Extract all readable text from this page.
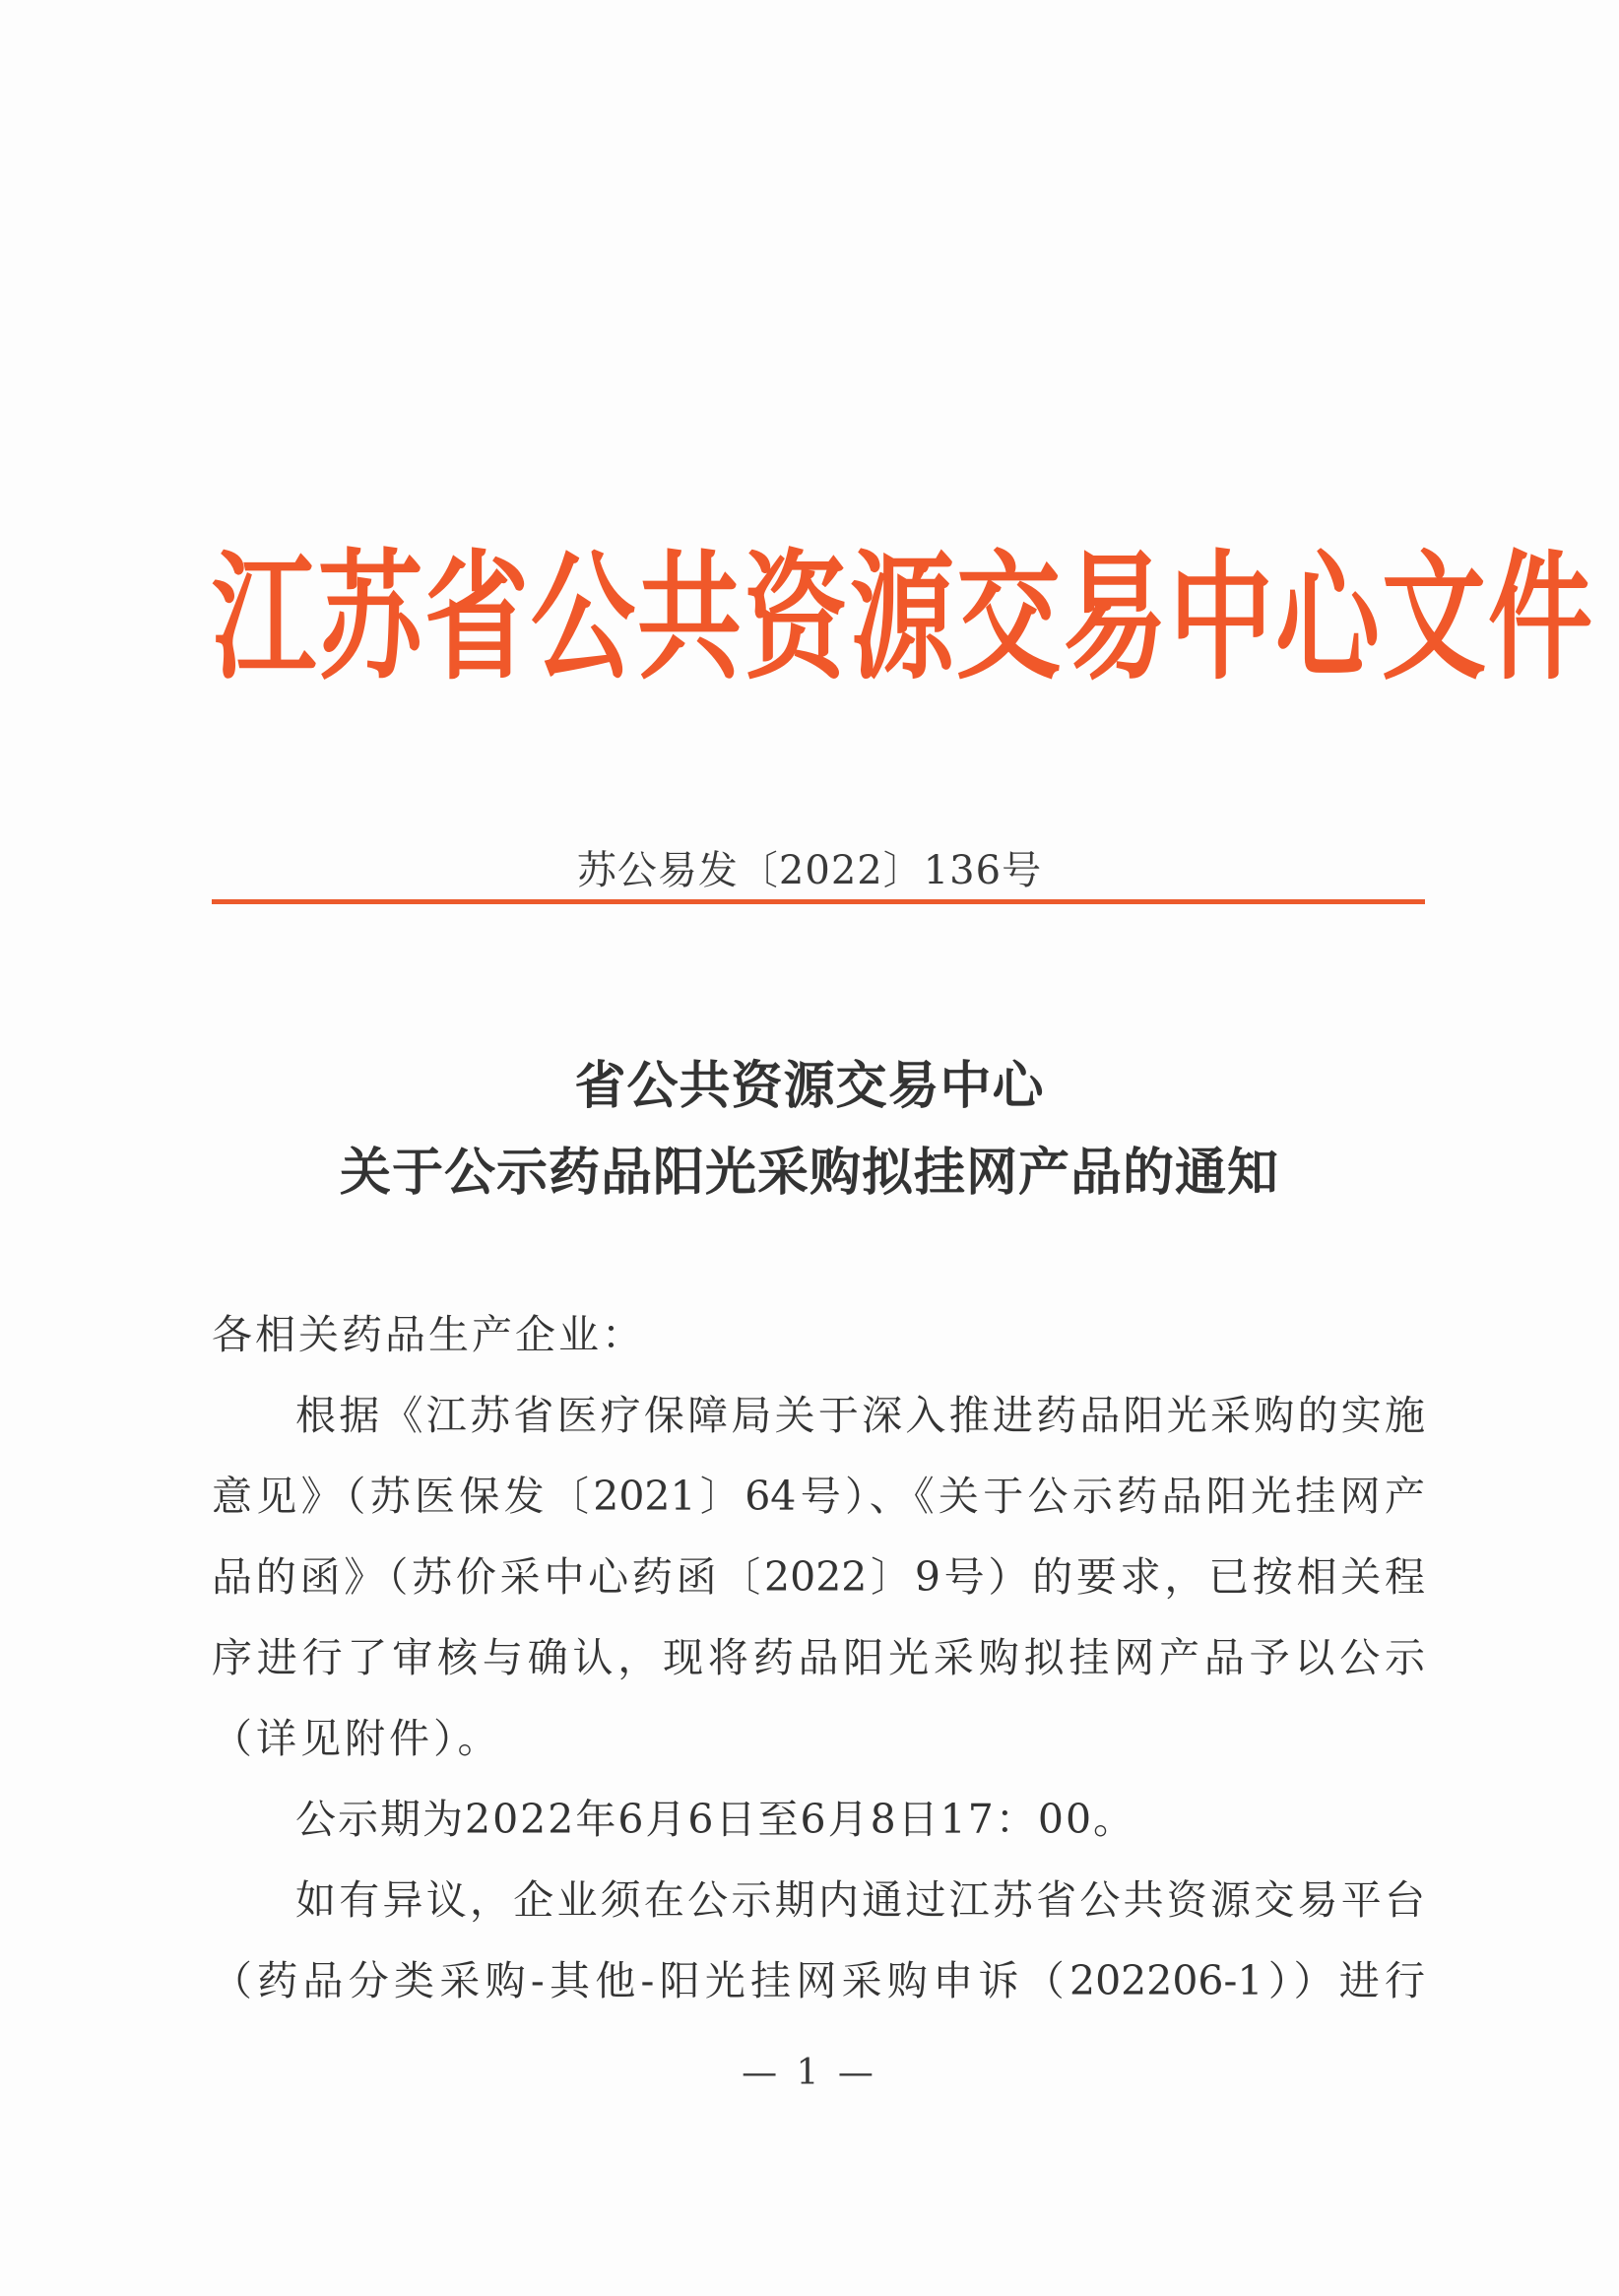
江苏省公共资源交易中心文件
苏公易发〔2022〕136号
省公共资源交易中心
关于公示药品阳光采购拟挂网产品的通知
各相关药品生产企业：
根据《江苏省医疗保障局关于深入推进药品阳光采购的实施
意见》（苏医保发〔2021〕64号）、《关于公示药品阳光挂网产
品的函》（苏价采中心药函〔2022〕9号）的要求，已按相关程
序进行了审核与确认，现将药品阳光采购拟挂网产品予以公示
（详见附件）。
公示期为2022年6月6日至6月8日17：00。
如有异议，企业须在公示期内通过江苏省公共资源交易平台
（药品分类采购-其他-阳光挂网采购申诉（202206-1））进行
— 1 —
